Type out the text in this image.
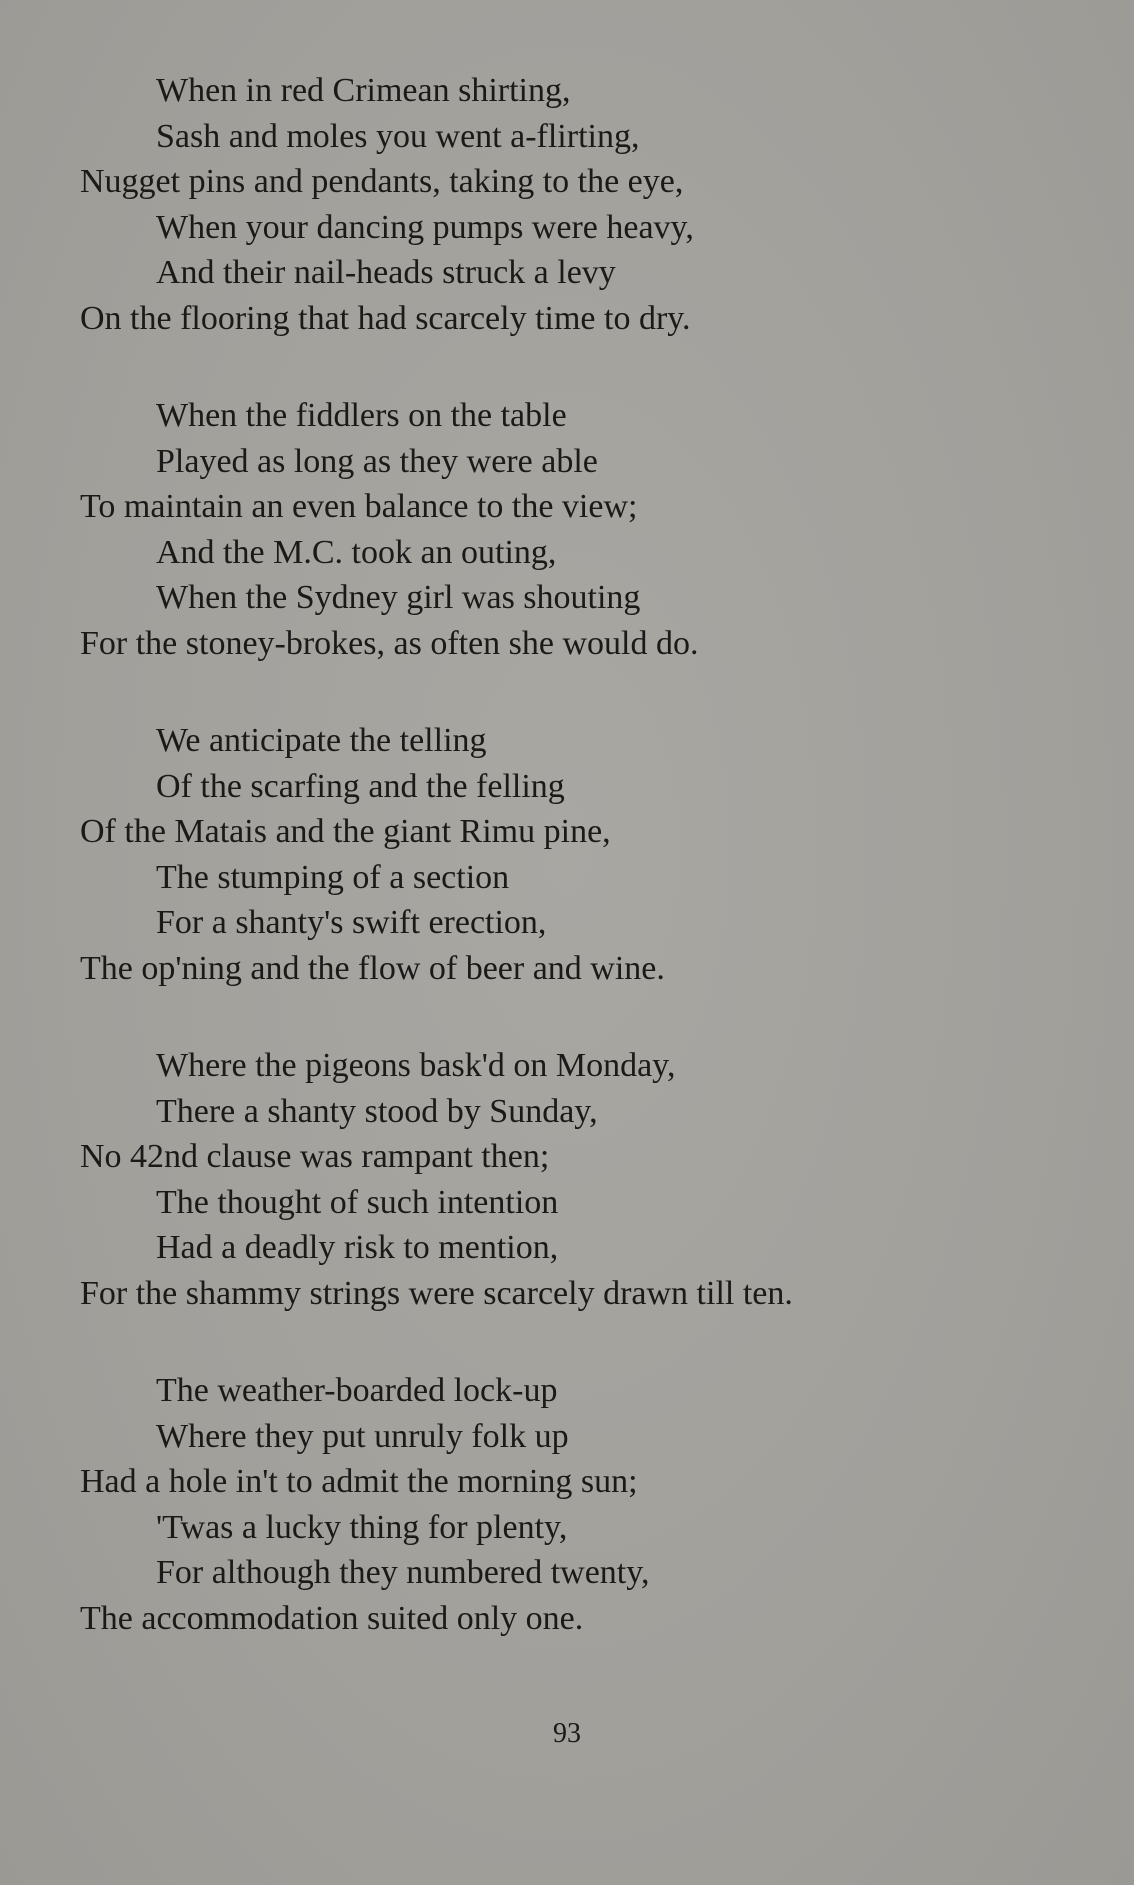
When in red Crimean shirting,
Sash and moles you went a-flirting,
Nugget pins and pendants, taking to the eye,
When your dancing pumps were heavy,
And their nail-heads struck a levy
On the flooring that had scarcely time to dry.
When the fiddlers on the table
Played as long as they were able
To maintain an even balance to the view;
And the M.C. took an outing,
When the Sydney girl was shouting
For the stoney-brokes, as often she would do.
We anticipate the telling
Of the scarfing and the felling
Of the Matais and the giant Rimu pine,
The stumping of a section
For a shanty's swift erection,
The op'ning and the flow of beer and wine.
Where the pigeons bask'd on Monday,
There a shanty stood by Sunday,
No 42nd clause was rampant then;
The thought of such intention
Had a deadly risk to mention,
For the shammy strings were scarcely drawn till ten.
The weather-boarded lock-up
Where they put unruly folk up
Had a hole in't to admit the morning sun;
'Twas a lucky thing for plenty,
For although they numbered twenty,
The accommodation suited only one.
93
